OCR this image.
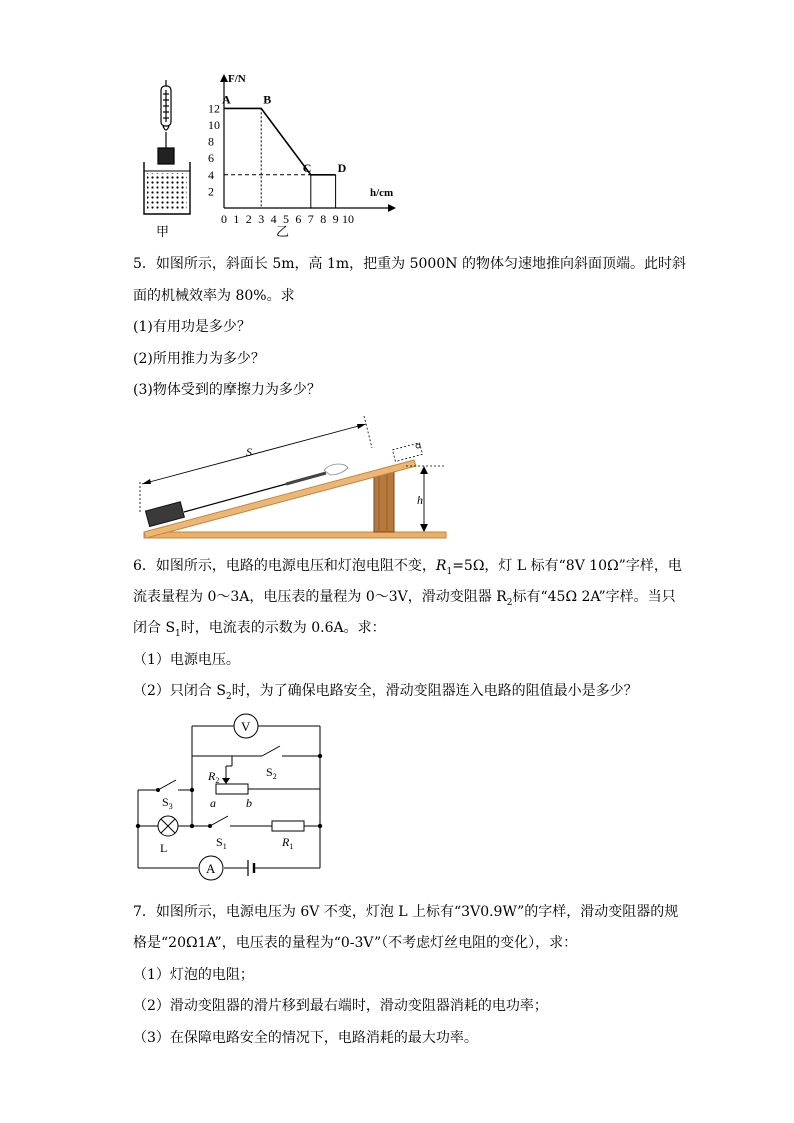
甲
F/N
h/cm
2
4
6
8
10
12
0 1 2 3 4 5 6 7 8 9 10
A	B
C D
乙
5．如图所示，斜面长 5m，高 1m，把重为 5000N 的物体匀速地推向斜面顶端。此时斜
面的机械效率为 80%。求
(1)有用功是多少？
(2)所用推力为多少？
(3)物体受到的摩擦力为多少？
S
h
6．如图所示，电路的电源电压和灯泡电阻不变，$R_1=5\Omega$，灯 L 标有“8V 10Ω”字样，电
流表量程为 0～3A，电压表的量程为 0～3V，滑动变阻器 $R_2$标有“45Ω 2A”字样。当只
闭合 $S_1$时，电流表的示数为 0.6A。求：
（1）电源电压。
（2）只闭合 $S_2$时，为了确保电路安全，滑动变阻器连入电路的阻值最小是多少？
V
A
$R_2$
$S_2$
$S_3$	a	b
L	$S_1$	$R_1$
7．如图所示，电源电压为 6V 不变，灯泡 L 上标有“3V0.9W”的字样，滑动变阻器的规
格是“20Ω1A”，电压表的量程为“0-3V”（不考虑灯丝电阻的变化），求：
（1）灯泡的电阻；
（2）滑动变阻器的滑片移到最右端时，滑动变阻器消耗的电功率；
（3）在保障电路安全的情况下，电路消耗的最大功率。
